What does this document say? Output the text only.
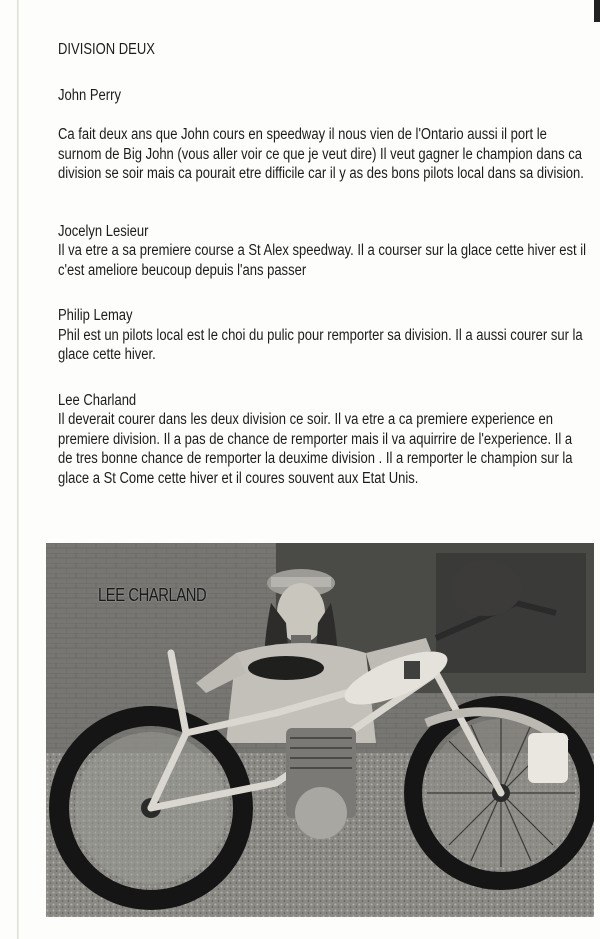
DIVISION DEUX

John Perry

Ca fait deux ans que John cours en speedway il nous vien de l'Ontario aussi il port le surnom de Big John (vous aller voir ce que je veut dire) Il veut gagner le champion dans ca division se soir mais ca pourait etre difficile car il y as des bons pilots local dans sa division.

Jocelyn Lesieur

Il va etre a sa premiere course a St Alex speedway. Il a courser sur la glace cette hiver est il c'est ameliore beucoup depuis l'ans passer

Philip Lemay

Phil est un pilots local est le choi du pulic pour remporter sa division. Il a aussi courer sur la glace cette hiver.

Lee Charland

Il deverait courer dans les deux division ce soir. Il va etre a ca premiere experience en premiere division. Il a pas de chance de remporter mais il va aquirrire de l'experience. Il a de tres bonne chance de remporter la deuxime division . Il a remporter le champion sur la glace a St Come cette hiver et il coures souvent aux Etat Unis.

LEE CHARLAND
